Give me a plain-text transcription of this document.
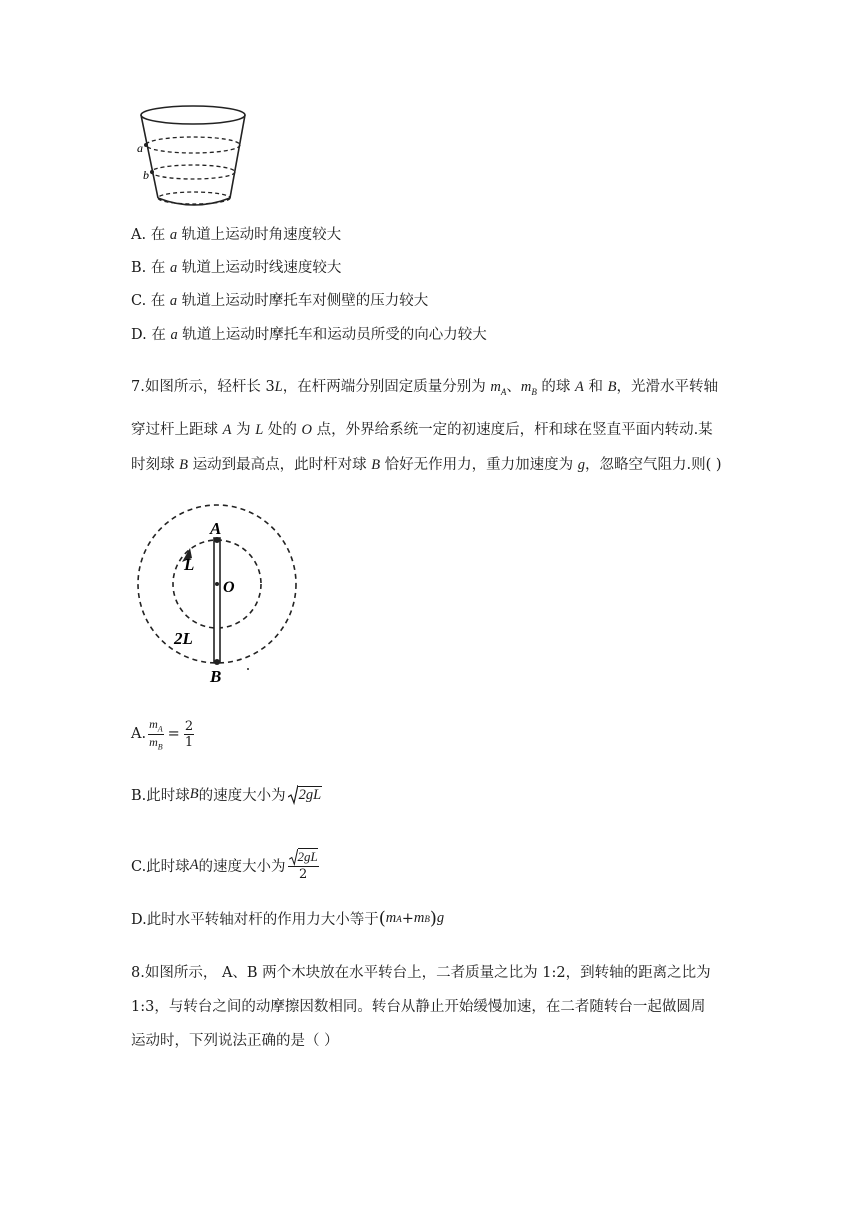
a
b
A. 在 a 轨道上运动时角速度较大
B. 在 a 轨道上运动时线速度较大
C. 在 a 轨道上运动时摩托车对侧壁的压力较大
D. 在 a 轨道上运动时摩托车和运动员所受的向心力较大
7.如图所示，轻杆长 3L，在杆两端分别固定质量分别为 $m_A$、$m_B$ 的球 A 和 B，光滑水平转轴
穿过杆上距球 A 为 L 处的 O 点，外界给系统一定的初速度后，杆和球在竖直平面内转动.某
时刻球 B 运动到最高点，此时杆对球 B 恰好无作用力，重力加速度为 g，忽略空气阻力.则( )
A
B
O
L
2L
A. $\frac{m_A}{m_B} = \frac{2}{1}$
B.此时球 B 的速度大小为 2gL
C.此时球 A 的速度大小为 $\frac{2gL}{2}$
D.此时水平转轴对杆的作用力大小等于 ( m A + m B ) g
8.如图所示， A、B 两个木块放在水平转台上，二者质量之比为 1:2，到转轴的距离之比为
1:3，与转台之间的动摩擦因数相同。转台从静止开始缓慢加速，在二者随转台一起做圆周
运动时，下列说法正确的是（ ）
